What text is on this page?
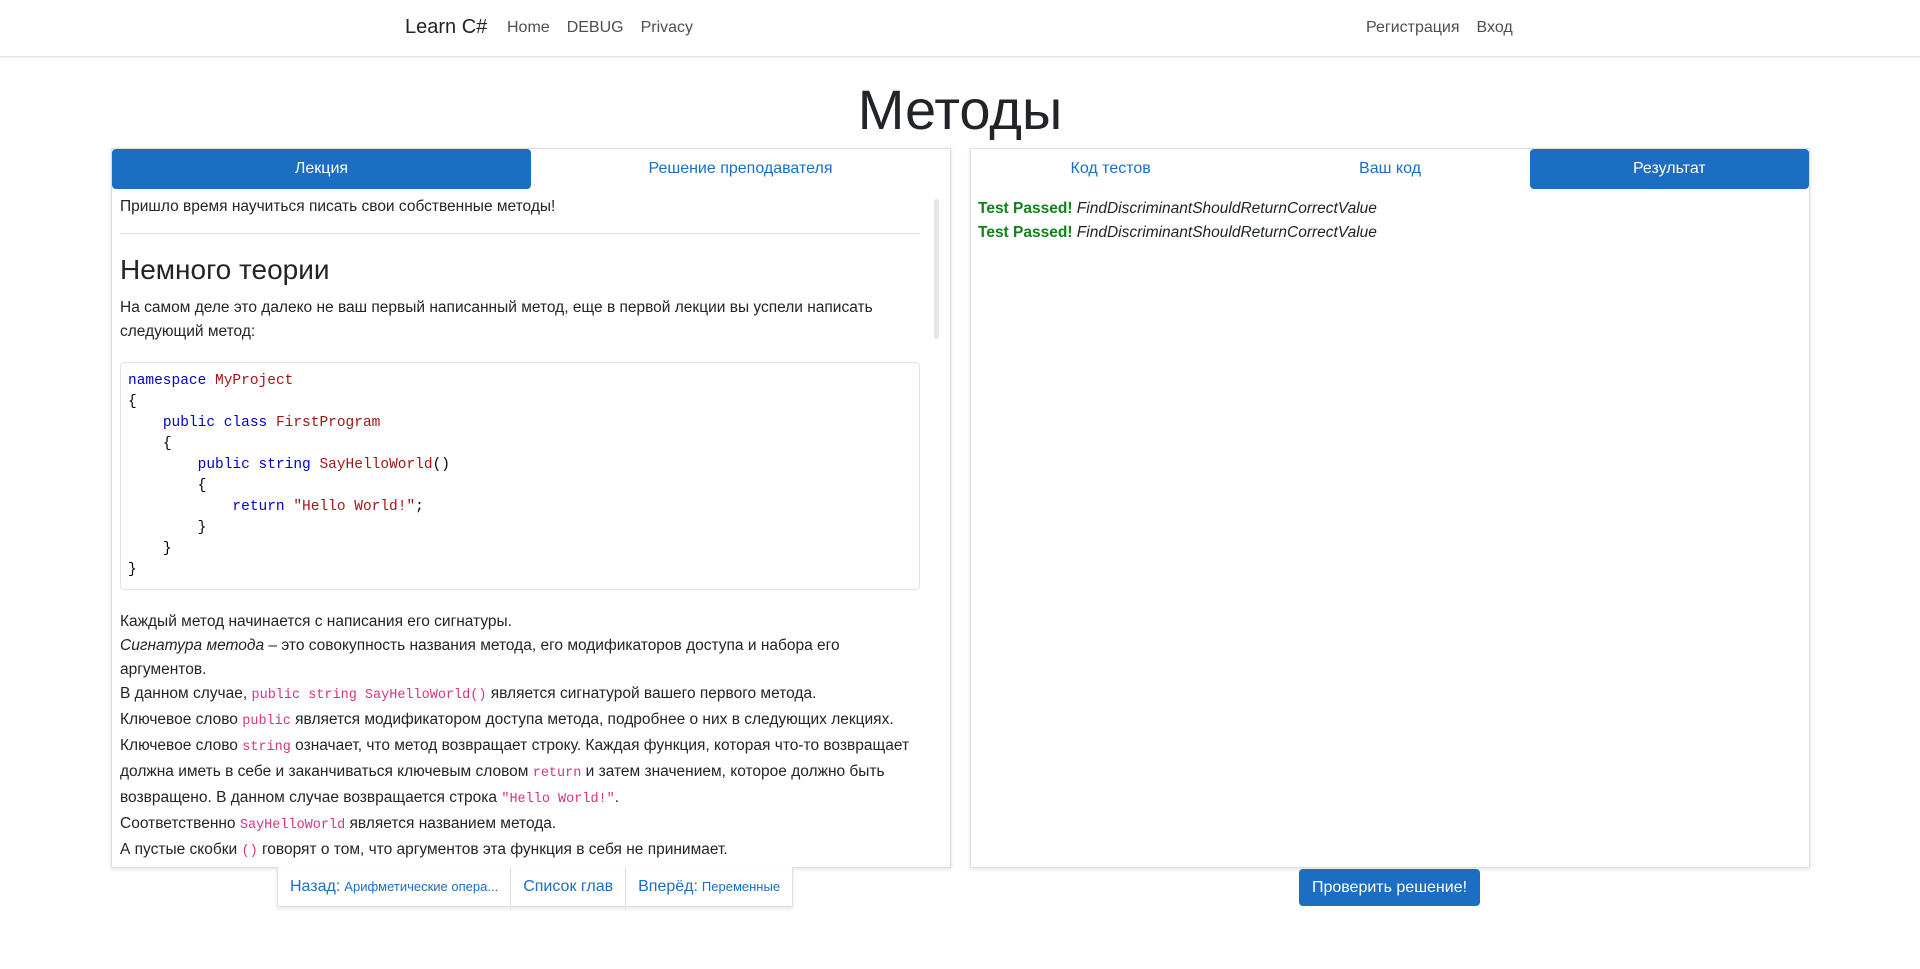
Learn C# Home DEBUG Privacy	Регистрация Вход
Методы
Лекция	Решение преподавателя

Пришло время научиться писать свои собственные методы!

Немного теории

На самом деле это далеко не ваш первый написанный метод, еще в первой лекции вы успели написать следующий метод:

namespace MyProject
{
public class FirstProgram
{
public string SayHelloWorld()
{
return "Hello World!";
}
}
}

Каждый метод начинается с написания его сигнатуры.
Сигнатура метода – это совокупность названия метода, его модификаторов доступа и набора его аргументов.
В данном случае, public string SayHelloWorld() является сигнатурой вашего первого метода.
Ключевое слово public является модификатором доступа метода, подробнее о них в следующих лекциях.
Ключевое слово string означает, что метод возвращает строку. Каждая функция, которая что-то возвращает должна иметь в себе и заканчиваться ключевым словом return и затем значением, которое должно быть возвращено. В данном случае возвращается строка "Hello World!".
Соответственно SayHelloWorld является названием метода.
А пустые скобки () говорят о том, что аргументов эта функция в себя не принимает.

Код тестов	Ваш код	Результат
Test Passed! FindDiscriminantShouldReturnCorrectValue
Test Passed! FindDiscriminantShouldReturnCorrectValue
Назад: Арифметические опера...	Список глав	Вперёд: Переменные	Проверить решение!
